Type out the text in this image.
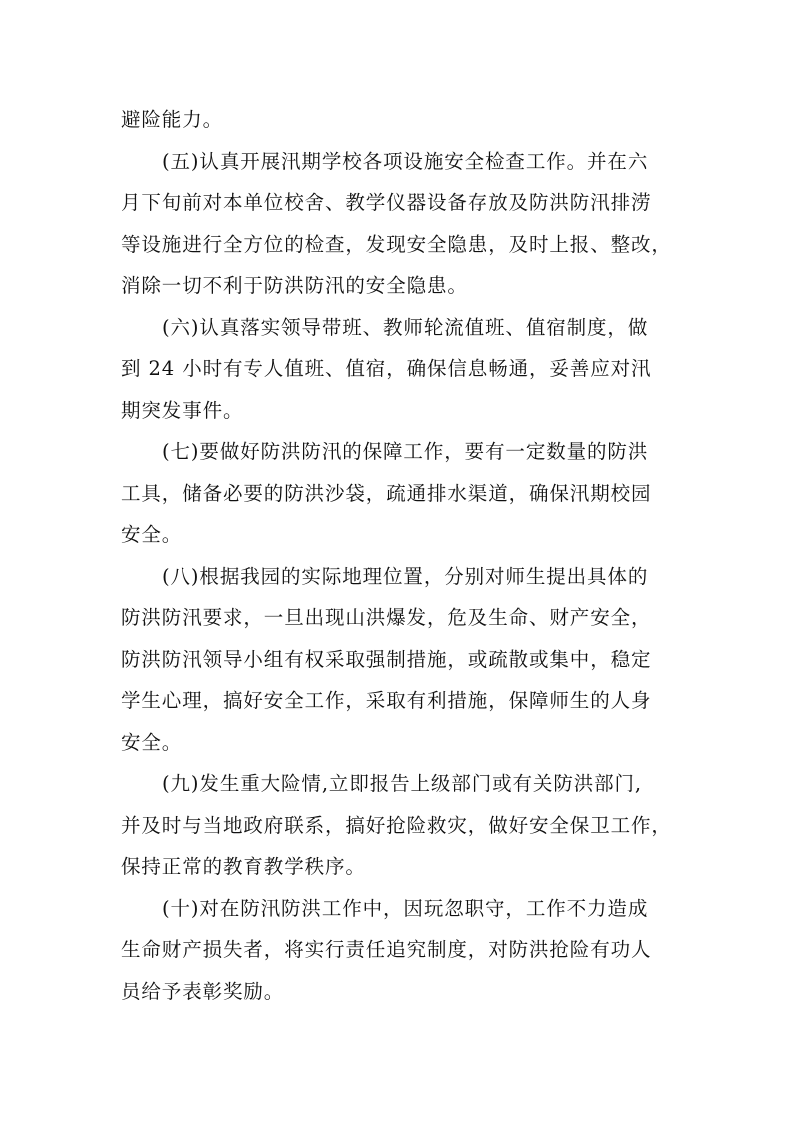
避险能力。
(五)认真开展汛期学校各项设施安全检查工作。并在六
月下旬前对本单位校舍、教学仪器设备存放及防洪防汛排涝
等设施进行全方位的检查，发现安全隐患，及时上报、整改，
消除一切不利于防洪防汛的安全隐患。
(六)认真落实领导带班、教师轮流值班、值宿制度，做
到 24 小时有专人值班、值宿，确保信息畅通，妥善应对汛
期突发事件。
(七)要做好防洪防汛的保障工作，要有一定数量的防洪
工具，储备必要的防洪沙袋，疏通排水渠道，确保汛期校园
安全。
(八)根据我园的实际地理位置，分别对师生提出具体的
防洪防汛要求，一旦出现山洪爆发，危及生命、财产安全，
防洪防汛领导小组有权采取强制措施，或疏散或集中，稳定
学生心理，搞好安全工作，采取有利措施，保障师生的人身
安全。
(九)发生重大险情,立即报告上级部门或有关防洪部门,
并及时与当地政府联系，搞好抢险救灾，做好安全保卫工作，
保持正常的教育教学秩序。
(十)对在防汛防洪工作中，因玩忽职守，工作不力造成
生命财产损失者，将实行责任追究制度，对防洪抢险有功人
员给予表彰奖励。
